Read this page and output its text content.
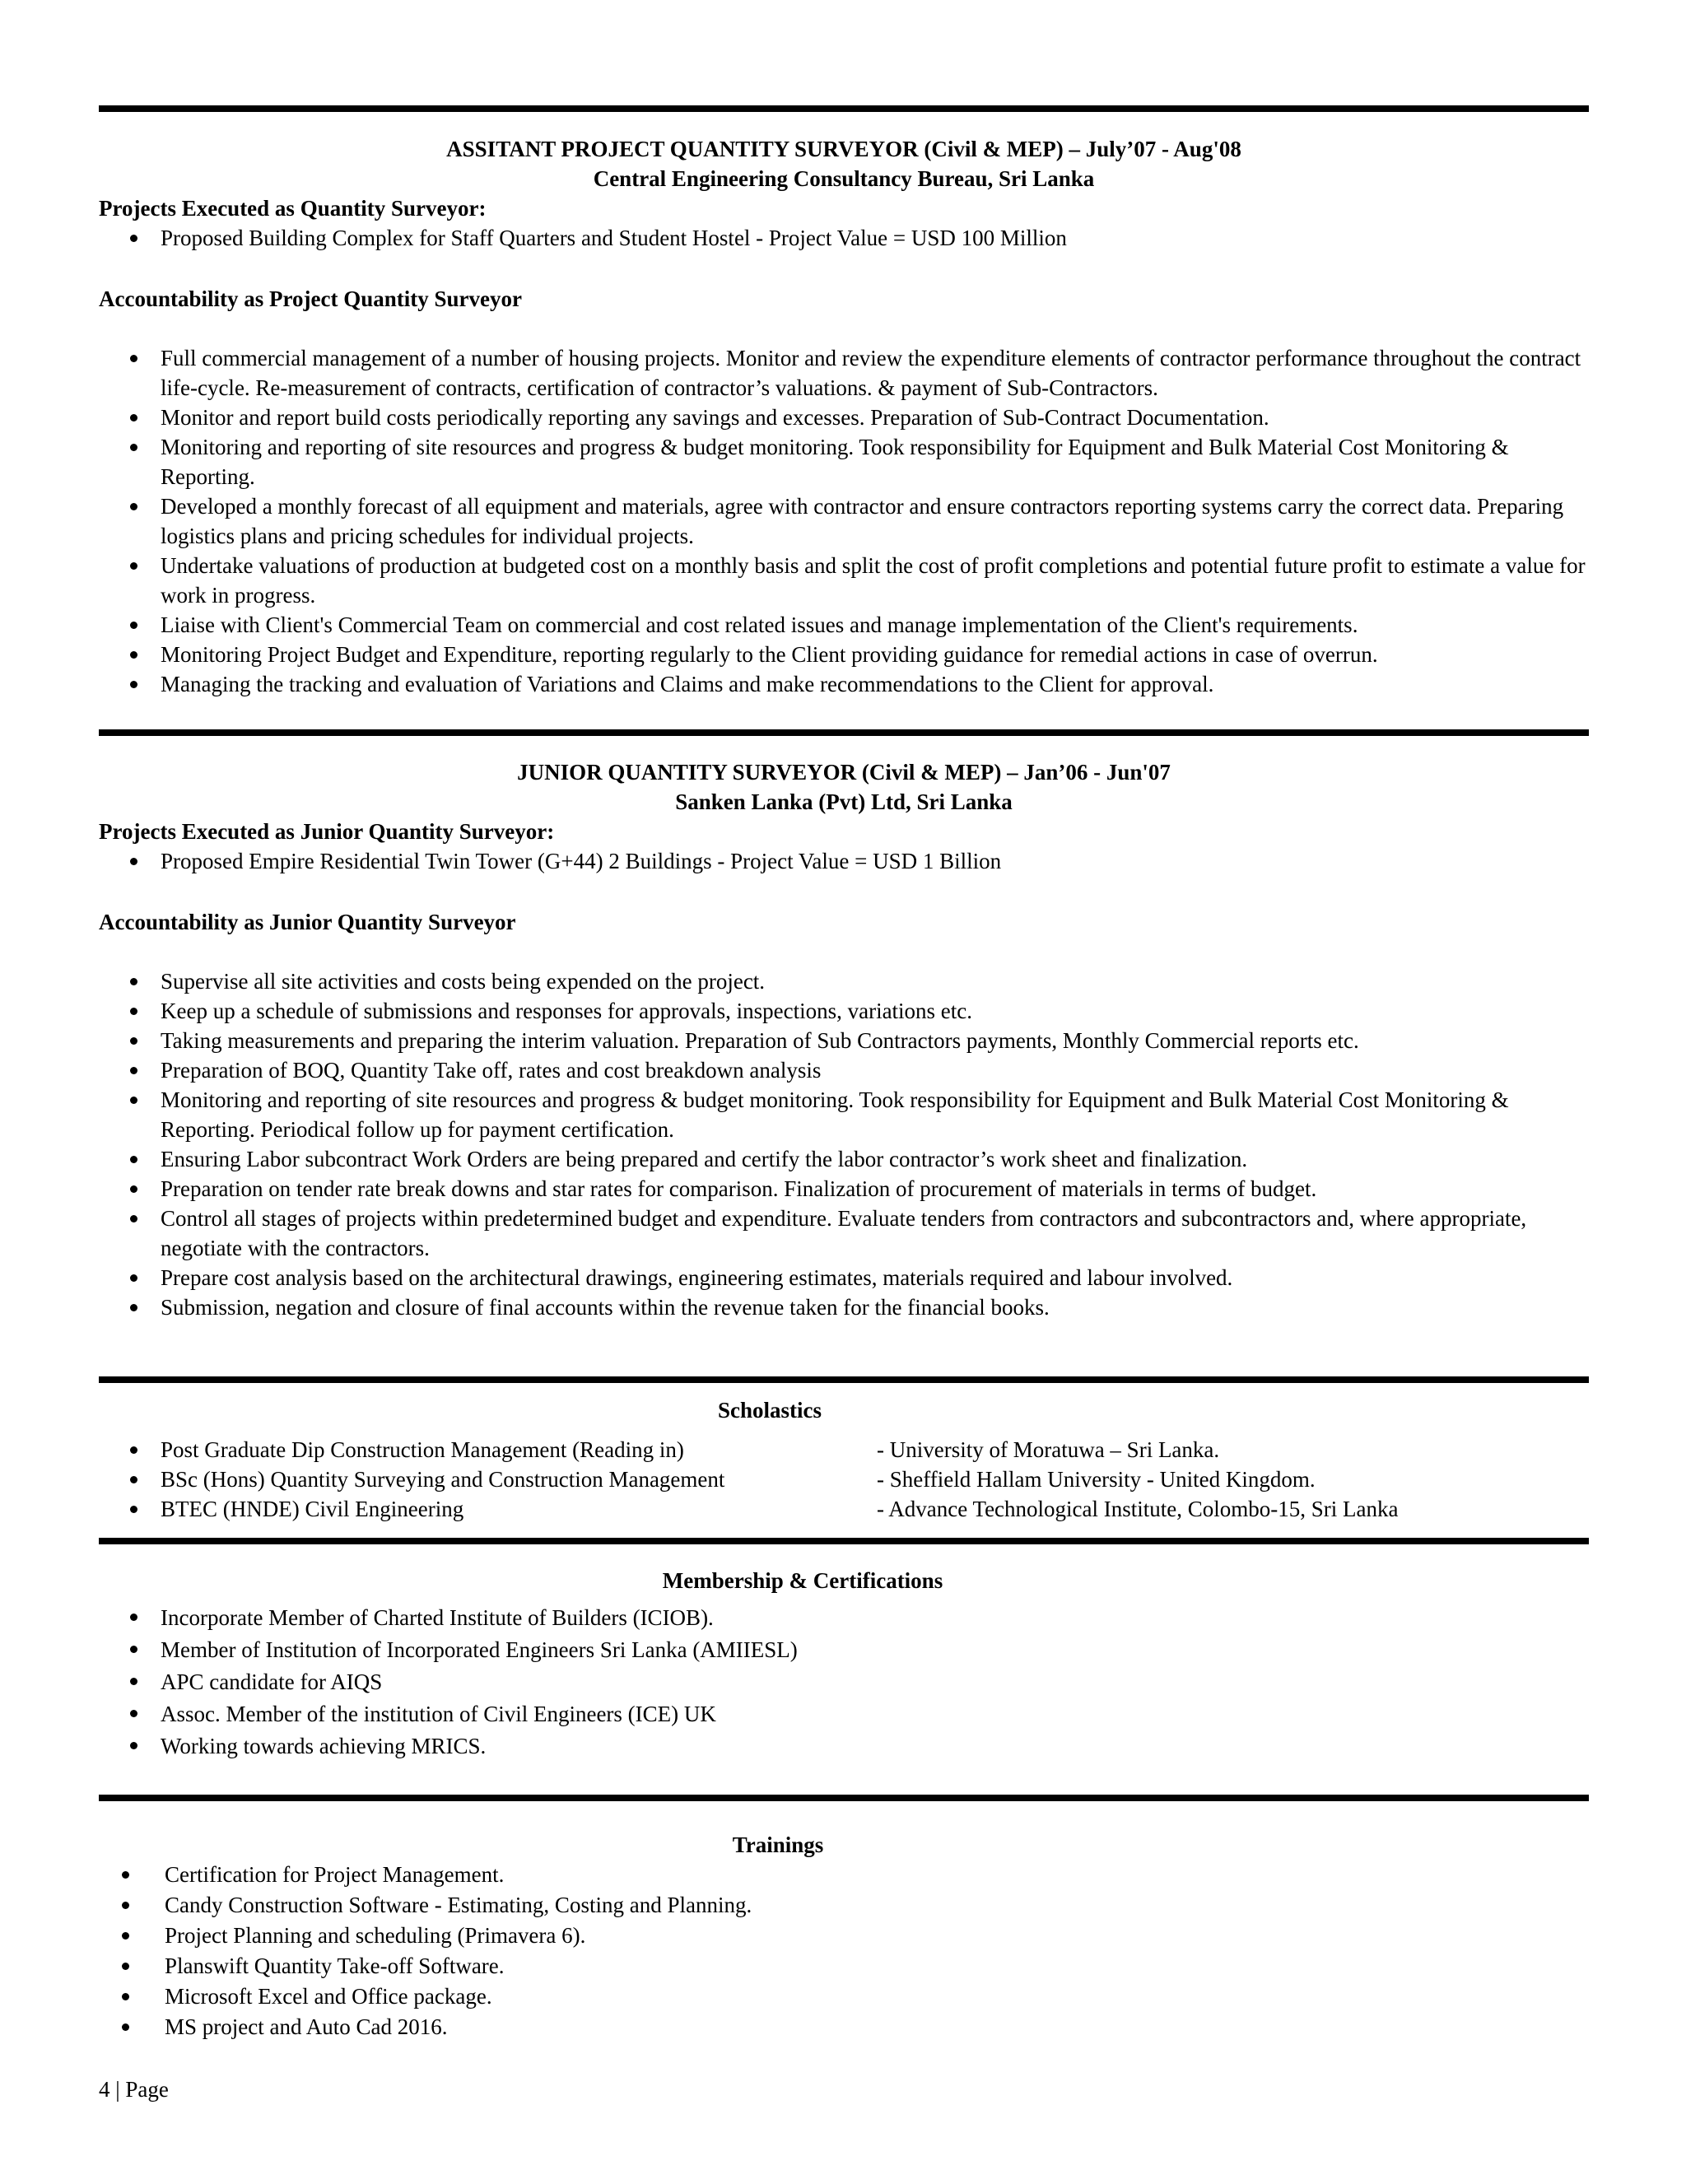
ASSITANT PROJECT QUANTITY SURVEYOR (Civil & MEP) – July’07 - Aug'08
Central Engineering Consultancy Bureau, Sri Lanka
Projects Executed as Quantity Surveyor:
Proposed Building Complex for Staff Quarters and Student Hostel - Project Value = USD 100 Million
Accountability as Project Quantity Surveyor
Full commercial management of a number of housing projects. Monitor and review the expenditure elements of contractor performance throughout the contract life-cycle. Re-measurement of contracts, certification of contractor’s valuations. & payment of Sub-Contractors.
Monitor and report build costs periodically reporting any savings and excesses. Preparation of Sub-Contract Documentation.
Monitoring and reporting of site resources and progress & budget monitoring. Took responsibility for Equipment and Bulk Material Cost Monitoring & Reporting.
Developed a monthly forecast of all equipment and materials, agree with contractor and ensure contractors reporting systems carry the correct data. Preparing logistics plans and pricing schedules for individual projects.
Undertake valuations of production at budgeted cost on a monthly basis and split the cost of profit completions and potential future profit to estimate a value for work in progress.
Liaise with Client's Commercial Team on commercial and cost related issues and manage implementation of the Client's requirements.
Monitoring Project Budget and Expenditure, reporting regularly to the Client providing guidance for remedial actions in case of overrun.
Managing the tracking and evaluation of Variations and Claims and make recommendations to the Client for approval.
JUNIOR QUANTITY SURVEYOR (Civil & MEP) – Jan’06 - Jun'07
Sanken Lanka (Pvt) Ltd, Sri Lanka
Projects Executed as Junior Quantity Surveyor:
Proposed Empire Residential Twin Tower (G+44) 2 Buildings - Project Value = USD 1 Billion
Accountability as Junior Quantity Surveyor
Supervise all site activities and costs being expended on the project.
Keep up a schedule of submissions and responses for approvals, inspections, variations etc.
Taking measurements and preparing the interim valuation. Preparation of Sub Contractors payments, Monthly Commercial reports etc.
Preparation of BOQ, Quantity Take off, rates and cost breakdown analysis
Monitoring and reporting of site resources and progress & budget monitoring. Took responsibility for Equipment and Bulk Material Cost Monitoring & Reporting. Periodical follow up for payment certification.
Ensuring Labor subcontract Work Orders are being prepared and certify the labor contractor’s work sheet and finalization.
Preparation on tender rate break downs and star rates for comparison. Finalization of procurement of materials in terms of budget.
Control all stages of projects within predetermined budget and expenditure. Evaluate tenders from contractors and subcontractors and, where appropriate, negotiate with the contractors.
Prepare cost analysis based on the architectural drawings, engineering estimates, materials required and labour involved.
Submission, negation and closure of final accounts within the revenue taken for the financial books.
Scholastics
Post Graduate Dip Construction Management (Reading in)	- University of Moratuwa – Sri Lanka.
BSc (Hons) Quantity Surveying and Construction Management	- Sheffield Hallam University - United Kingdom.
BTEC (HNDE) Civil Engineering	- Advance Technological Institute, Colombo-15, Sri Lanka
Membership & Certifications
Incorporate Member of Charted Institute of Builders (ICIOB).
Member of Institution of Incorporated Engineers Sri Lanka (AMIIESL)
APC candidate for AIQS
Assoc. Member of the institution of Civil Engineers (ICE) UK
Working towards achieving MRICS.
Trainings
Certification for Project Management.
Candy Construction Software - Estimating, Costing and Planning.
Project Planning and scheduling (Primavera 6).
Planswift Quantity Take-off Software.
Microsoft Excel and Office package.
MS project and Auto Cad 2016.
4 | Page
